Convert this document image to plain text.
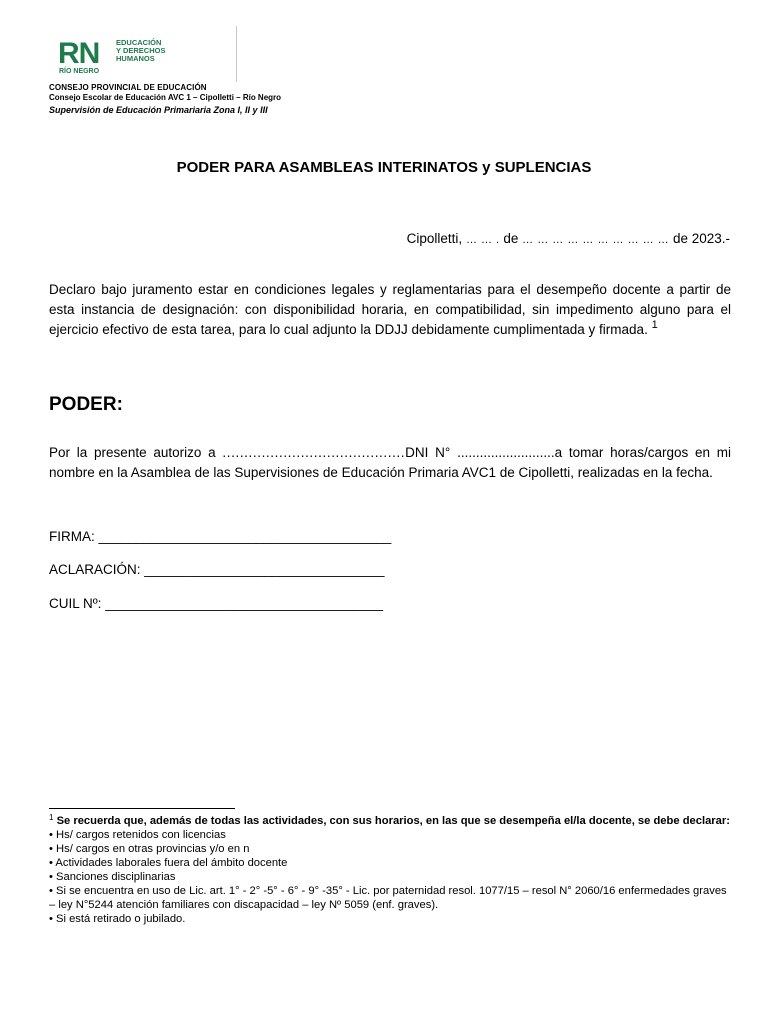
RN
RÍO NEGRO
EDUCACIÓN
Y DERECHOS
HUMANOS
CONSEJO PROVINCIAL DE EDUCACIÓN
Consejo Escolar de Educación AVC 1 – Cipolletti – Río Negro
Supervisión de Educación Primariaria Zona I, II y III
PODER PARA ASAMBLEAS INTERINATOS y SUPLENCIAS
Cipolletti, … … . de … … … … … … … … … … de 2023.-
Declaro bajo juramento estar en condiciones legales y reglamentarias para el desempeño docente a partir de esta instancia de designación: con disponibilidad horaria, en compatibilidad, sin impedimento alguno para el ejercicio efectivo de esta tarea, para lo cual adjunto la DDJJ debidamente cumplimentada y firmada. $^1$
PODER:
Por la presente autorizo a ..........................................DNI N° ..........................a tomar horas/cargos en mi nombre en la Asamblea de las Supervisiones de Educación Primaria AVC1 de Cipolletti, realizadas en la fecha.
FIRMA: _______________________________________
ACLARACIÓN: ________________________________
CUIL Nº: _____________________________________
$^1$ Se recuerda que, además de todas las actividades, con sus horarios, en las que se desempeña el/la docente, se debe declarar:
• Hs/ cargos retenidos con licencias
• Hs/ cargos en otras provincias y/o en n
• Actividades laborales fuera del ámbito docente
• Sanciones disciplinarias
• Si se encuentra en uso de Lic. art. 1° - 2° -5° - 6° - 9° -35° - Lic. por paternidad resol. 1077/15 – resol N° 2060/16 enfermedades graves – ley N°5244 atención familiares con discapacidad – ley Nº 5059 (enf. graves).
• Si está retirado o jubilado.
